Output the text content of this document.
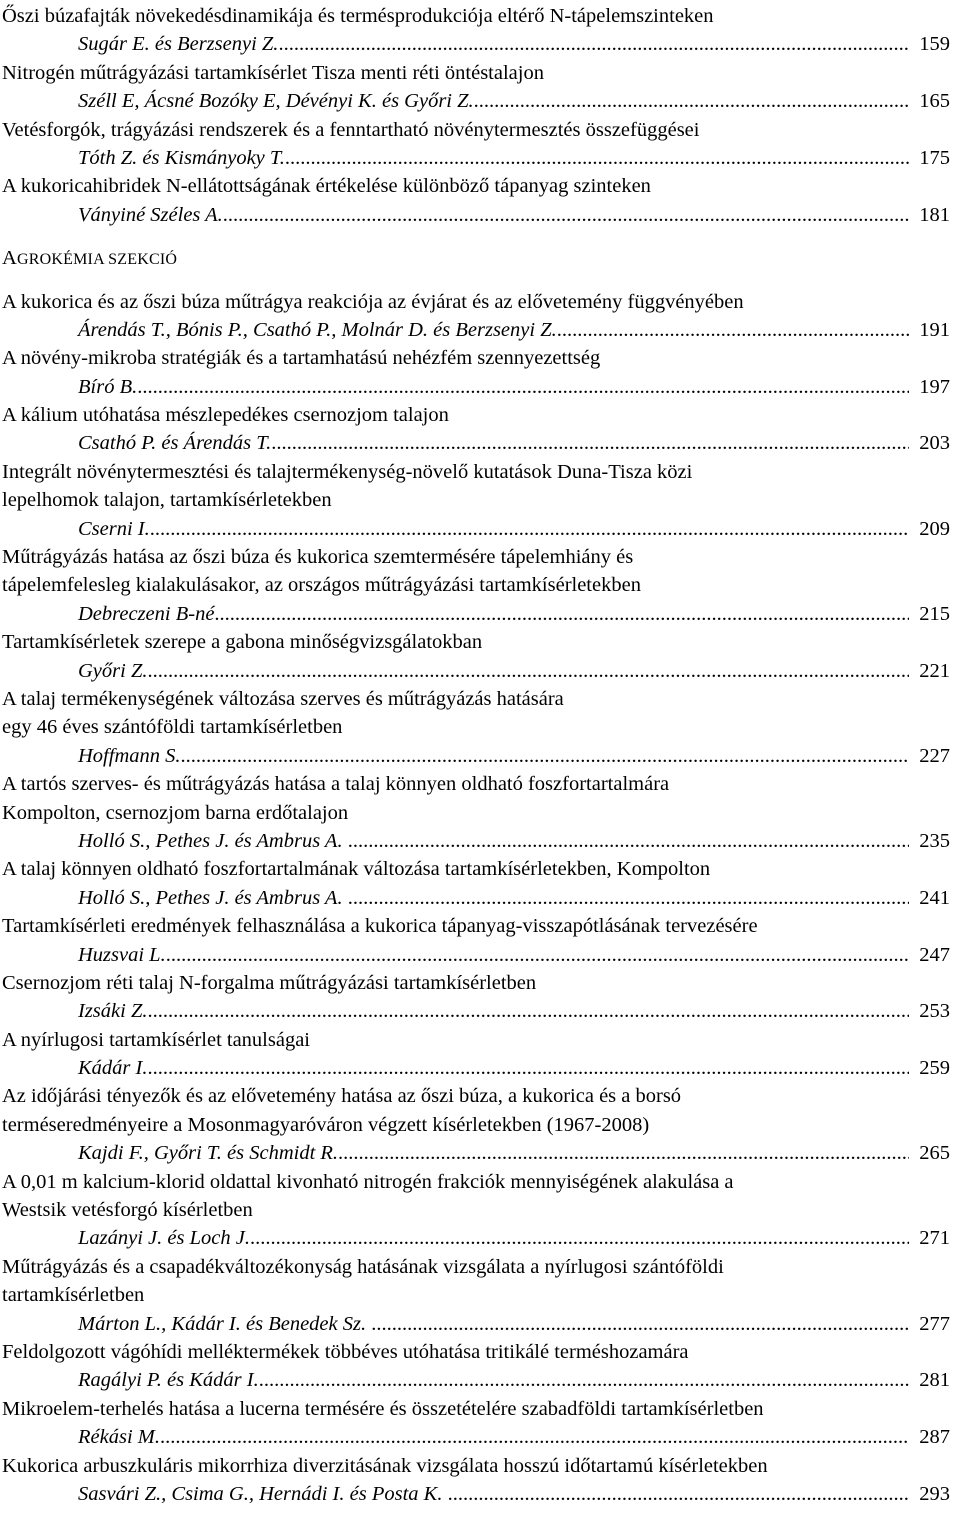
Őszi búzafajták növekedésdinamikája és termésprodukciója eltérő N-tápelemszinteken
Sugár E. és Berzsenyi Z. .....	159
Nitrogén műtrágyázási tartamkísérlet Tisza menti réti öntéstalajon
Széll E, Ácsné Bozóky E, Dévényi K. és Győri Z. .....	165
Vetésforgók, trágyázási rendszerek és a fenntartható növénytermesztés összefüggései
Tóth Z. és Kismányoky T. .....	175
A kukoricahibridek N-ellátottságának értékelése különböző tápanyag szinteken
Ványiné Széles A. .....	181
AGROKÉMIA SZEKCIÓ
A kukorica és az őszi búza műtrágya reakciója az évjárat és az elővetemény függvényében
Árendás T., Bónis P., Csathó P., Molnár D. és Berzsenyi Z. .....	191
A növény-mikroba stratégiák és a tartamhatású nehézfém szennyezettség
Bíró B. .....	197
A kálium utóhatása mészlepedékes csernozjom talajon
Csathó P. és Árendás T. .....	203
Integrált növénytermesztési és talajtermékenység-növelő kutatások Duna-Tisza közi
lepelhomok talajon, tartamkísérletekben
Cserni I. .....	209
Műtrágyázás hatása az őszi búza és kukorica szemtermésére tápelemhiány és
tápelemfelesleg kialakulásakor, az országos műtrágyázási tartamkísérletekben
Debreczeni B-né .....	215
Tartamkísérletek szerepe a gabona minőségvizsgálatokban
Győri Z. .....	221
A talaj termékenységének változása szerves és műtrágyázás hatására
egy 46 éves szántóföldi tartamkísérletben
Hoffmann S. .....	227
A tartós szerves- és műtrágyázás hatása a talaj könnyen oldható foszfortartalmára
Kompolton, csernozjom barna erdőtalajon
Holló S., Pethes J. és Ambrus A. .....	235
A talaj könnyen oldható foszfortartalmának változása tartamkísérletekben, Kompolton
Holló S., Pethes J. és Ambrus A. .....	241
Tartamkísérleti eredmények felhasználása a kukorica tápanyag-visszapótlásának tervezésére
Huzsvai L. .....	247
Csernozjom réti talaj N-forgalma műtrágyázási tartamkísérletben
Izsáki Z. .....	253
A nyírlugosi tartamkísérlet tanulságai
Kádár I. .....	259
Az időjárási tényezők és az elővetemény hatása az őszi búza, a kukorica és a borsó
terméseredményeire a Mosonmagyaróváron végzett kísérletekben (1967-2008)
Kajdi F., Győri T. és Schmidt R. .....	265
A 0,01 m kalcium-klorid oldattal kivonható nitrogén frakciók mennyiségének alakulása a
Westsik vetésforgó kísérletben
Lazányi J. és Loch J. .....	271
Műtrágyázás és a csapadékváltozékonyság hatásának vizsgálata a nyírlugosi szántóföldi
tartamkísérletben
Márton L., Kádár I. és Benedek Sz. .....	277
Feldolgozott vágóhídi melléktermékek többéves utóhatása tritikálé terméshozamára
Ragályi P. és Kádár I. .....	281
Mikroelem-terhelés hatása a lucerna termésére és összetételére szabadföldi tartamkísérletben
Rékási M. .....	287
Kukorica arbuszkuláris mikorrhiza diverzitásának vizsgálata hosszú időtartamú kísérletekben
Sasvári Z., Csima G., Hernádi I. és Posta K. .....	293
